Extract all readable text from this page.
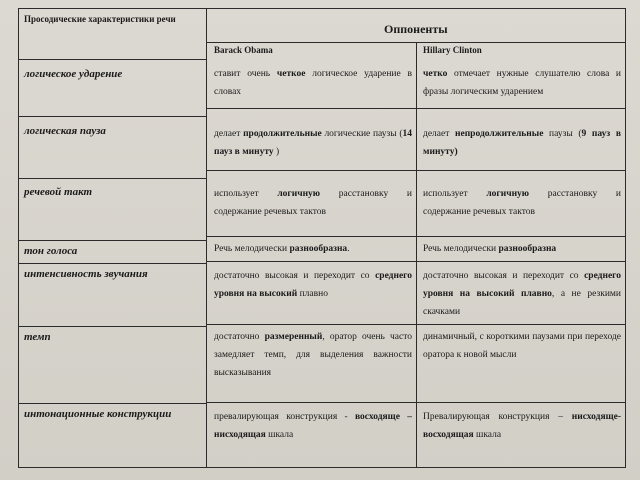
Просодические характеристики речи
Оппоненты
Barack Obama	Hillary Clinton
логическое ударение
логическая пауза
речевой такт
тон голоса
интенсивность звучания
темп
интонационные конструкции
ставит очень четкое логическое ударение в словах
делает продолжительные логические паузы (14 пауз в минуту )
использует логичную расстановку и содержание речевых тактов
Речь мелодически разнообразна.
достаточно высокая и переходит со среднего уровня на высокий плавно
достаточно размеренный, оратор очень часто замедляет темп, для выделения важности высказывания
превалирующая конструкция - восходяще – нисходящая шкала
четко отмечает нужные слушателю слова и фразы логическим ударением
делает непродолжительные паузы (9 пауз в минуту)
использует логичную расстановку и содержание речевых тактов
Речь мелодически разнообразна
достаточно высокая и переходит со среднего уровня на высокий плавно, а не резкими скачками
динамичный, с короткими паузами при переходе оратора к новой мысли
Превалирующая конструкция – нисходяще-восходящая шкала
